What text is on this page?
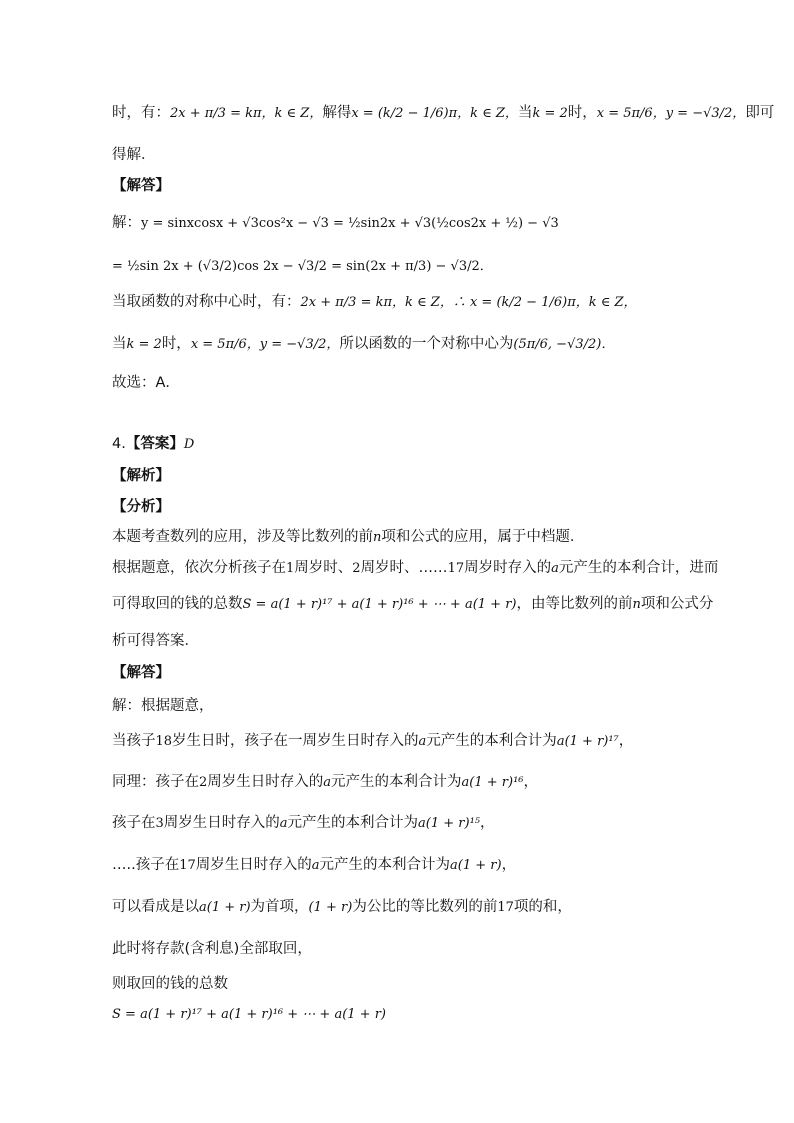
时，有：2x + π/3 = kπ，k ∈ Z，解得x = (k/2 − 1/6)π，k ∈ Z，当k = 2时，x = 5π/6，y = −√3/2，即可
得解．
【解答】
解：y = sinxcosx + √3cos²x − √3 = ½sin2x + √3(½cos2x + ½) − √3
= ½sin 2x + (√3/2)cos 2x − √3/2 = sin(2x + π/3) − √3/2．
当取函数的对称中心时，有：2x + π/3 = kπ，k ∈ Z，∴ x = (k/2 − 1/6)π，k ∈ Z，
当k = 2时，x = 5π/6，y = −√3/2，所以函数的一个对称中心为(5π/6, −√3/2)．
故选：A．
4.【答案】D
【解析】
【分析】
本题考查数列的应用，涉及等比数列的前n项和公式的应用，属于中档题．
根据题意，依次分析孩子在1周岁时、2周岁时、……17周岁时存入的a元产生的本利合计，进而
可得取回的钱的总数S = a(1 + r)¹⁷ + a(1 + r)¹⁶ + ⋯ + a(1 + r)，由等比数列的前n项和公式分
析可得答案．
【解答】
解：根据题意，
当孩子18岁生日时，孩子在一周岁生日时存入的a元产生的本利合计为a(1 + r)¹⁷，
同理：孩子在2周岁生日时存入的a元产生的本利合计为a(1 + r)¹⁶，
孩子在3周岁生日时存入的a元产生的本利合计为a(1 + r)¹⁵，
…..孩子在17周岁生日时存入的a元产生的本利合计为a(1 + r)，
可以看成是以a(1 + r)为首项，(1 + r)为公比的等比数列的前17项的和，
此时将存款(含利息)全部取回，
则取回的钱的总数
S = a(1 + r)¹⁷ + a(1 + r)¹⁶ + ⋯ + a(1 + r)
